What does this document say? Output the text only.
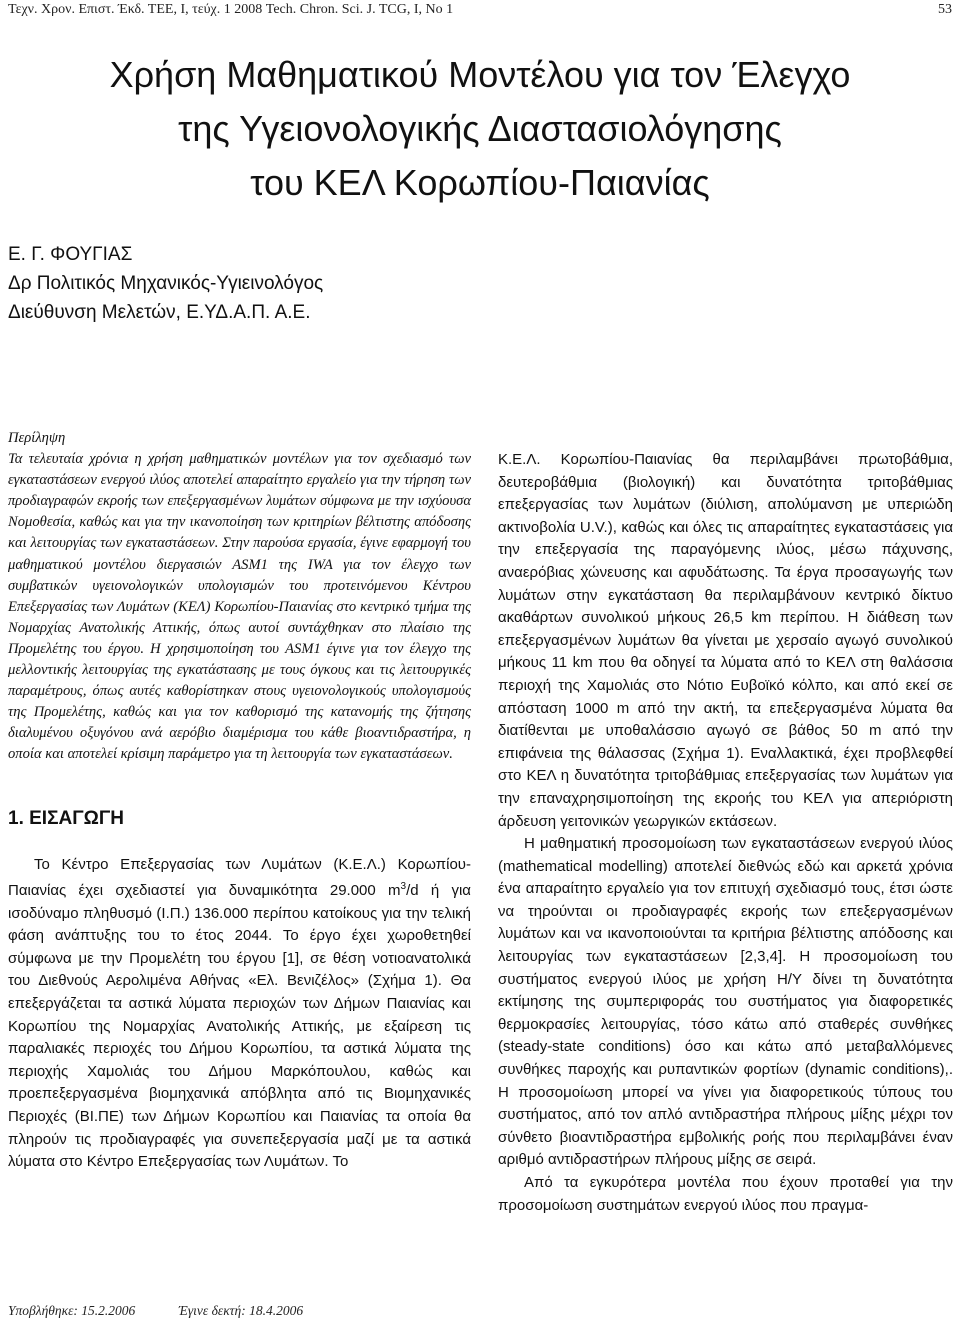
Τεχν. Χρον. Επιστ. Έκδ. ΤΕΕ, Ι, τεύχ. 1 2008 Tech. Chron. Sci. J. TCG, I, No 1	53
Χρήση Μαθηματικού Μοντέλου για τον Έλεγχο
της Υγειονολογικής Διαστασιολόγησης
του ΚΕΛ Κορωπίου-Παιανίας
Ε. Γ. ΦΟΥΓΙΑΣ
Δρ Πολιτικός Μηχανικός-Υγιεινολόγος
Διεύθυνση Μελετών, Ε.ΥΔ.Α.Π. Α.Ε.
Περίληψη
Τα τελευταία χρόνια η χρήση μαθηματικών μοντέλων για τον σχεδιασμό των εγκαταστάσεων ενεργού ιλύος αποτελεί απαραίτητο εργαλείο για την τήρηση των προδιαγραφών εκροής των επεξεργασμένων λυμάτων σύμφωνα με την ισχύουσα Νομοθεσία, καθώς και για την ικανοποίηση των κριτηρίων βέλτιστης απόδοσης και λειτουργίας των εγκαταστάσεων. Στην παρούσα εργασία, έγινε εφαρμογή του μαθηματικού μοντέλου διεργασιών ASM1 της IWA για τον έλεγχο των συμβατικών υγειονολογικών υπολογισμών του προτεινόμενου Κέντρου Επεξεργασίας των Λυμάτων (ΚΕΛ) Κορωπίου-Παιανίας στο κεντρικό τμήμα της Νομαρχίας Ανατολικής Αττικής, όπως αυτοί συντάχθηκαν στο πλαίσιο της Προμελέτης του έργου. Η χρησιμοποίηση του ASM1 έγινε για τον έλεγχο της μελλοντικής λειτουργίας της εγκατάστασης με τους όγκους και τις λειτουργικές παραμέτρους, όπως αυτές καθορίστηκαν στους υγειονολογικούς υπολογισμούς της Προμελέτης, καθώς και για τον καθορισμό της κατανομής της ζήτησης διαλυμένου οξυγόνου ανά αερόβιο διαμέρισμα του κάθε βιοαντιδραστήρα, η οποία και αποτελεί κρίσιμη παράμετρο για τη λειτουργία των εγκαταστάσεων.
1. ΕΙΣΑΓΩΓΗ

Το Κέντρο Επεξεργασίας των Λυμάτων (Κ.Ε.Λ.) Κορωπίου-Παιανίας έχει σχεδιαστεί για δυναμικότητα 29.000 $m^3/d$ ή για ισοδύναμο πληθυσμό (Ι.Π.) 136.000 περίπου κατοίκους για την τελική φάση ανάπτυξης του το έτος 2044. Το έργο έχει χωροθετηθεί σύμφωνα με την Προμελέτη του έργου [1], σε θέση νοτιοανατολικά του Διεθνούς Αερολιμένα Αθήνας «Ελ. Βενιζέλος» (Σχήμα 1). Θα επεξεργάζεται τα αστικά λύματα περιοχών των Δήμων Παιανίας και Κορωπίου της Νομαρχίας Ανατολικής Αττικής, με εξαίρεση τις παραλιακές περιοχές του Δήμου Κορωπίου, τα αστικά λύματα της περιοχής Χαμολιάς του Δήμου Μαρκόπουλου, καθώς και προεπεξεργασμένα βιομηχανικά απόβλητα από τις Βιομηχανικές Περιοχές (ΒΙ.ΠΕ) των Δήμων Κορωπίου και Παιανίας τα οποία θα πληρούν τις προδιαγραφές για συνεπεξεργασία μαζί με τα αστικά λύματα στο Κέντρο Επεξεργασίας των Λυμάτων. Το

Κ.Ε.Λ. Κορωπίου-Παιανίας θα περιλαμβάνει πρωτοβάθμια, δευτεροβάθμια (βιολογική) και δυνατότητα τριτοβάθμιας επεξεργασίας των λυμάτων (διύλιση, απολύμανση με υπεριώδη ακτινοβολία U.V.), καθώς και όλες τις απαραίτητες εγκαταστάσεις για την επεξεργασία της παραγόμενης ιλύος, μέσω πάχυνσης, αναερόβιας χώνευσης και αφυδάτωσης. Τα έργα προσαγωγής των λυμάτων στην εγκατάσταση θα περιλαμβάνουν κεντρικό δίκτυο ακαθάρτων συνολικού μήκους 26,5 km περίπου. Η διάθεση των επεξεργασμένων λυμάτων θα γίνεται με χερσαίο αγωγό συνολικού μήκους 11 km που θα οδηγεί τα λύματα από το ΚΕΛ στη θαλάσσια περιοχή της Χαμολιάς στο Νότιο Ευβοϊκό κόλπο, και από εκεί σε απόσταση 1000 m από την ακτή, τα επεξεργασμένα λύματα θα διατίθενται με υποθαλάσσιο αγωγό σε βάθος 50 m από την επιφάνεια της θάλασσας (Σχήμα 1). Εναλλακτικά, έχει προβλεφθεί στο ΚΕΛ η δυνατότητα τριτοβάθμιας επεξεργασίας των λυμάτων για την επαναχρησιμοποίηση της εκροής του ΚΕΛ για απεριόριστη άρδευση γειτονικών γεωργικών εκτάσεων.

Η μαθηματική προσομοίωση των εγκαταστάσεων ενεργού ιλύος (mathematical modelling) αποτελεί διεθνώς εδώ και αρκετά χρόνια ένα απαραίτητο εργαλείο για τον επιτυχή σχεδιασμό τους, έτσι ώστε να τηρούνται οι προδιαγραφές εκροής των επεξεργασμένων λυμάτων και να ικανοποιούνται τα κριτήρια βέλτιστης απόδοσης και λειτουργίας των εγκαταστάσεων [2,3,4]. Η προσομοίωση του συστήματος ενεργού ιλύος με χρήση Η/Υ δίνει τη δυνατότητα εκτίμησης της συμπεριφοράς του συστήματος για διαφορετικές θερμοκρασίες λειτουργίας, τόσο κάτω από σταθερές συνθήκες (steady-state conditions) όσο και κάτω από μεταβαλλόμενες συνθήκες παροχής και ρυπαντικών φορτίων (dynamic conditions),. Η προσομοίωση μπορεί να γίνει για διαφορετικούς τύπους του συστήματος, από τον απλό αντιδραστήρα πλήρους μίξης μέχρι τον σύνθετο βιοαντιδραστήρα εμβολικής ροής που περιλαμβάνει έναν αριθμό αντιδραστήρων πλήρους μίξης σε σειρά.

Από τα εγκυρότερα μοντέλα που έχουν προταθεί για την προσομοίωση συστημάτων ενεργού ιλύος που πραγμα-

Υποβλήθηκε: 15.2.2006	Έγινε δεκτή: 18.4.2006
